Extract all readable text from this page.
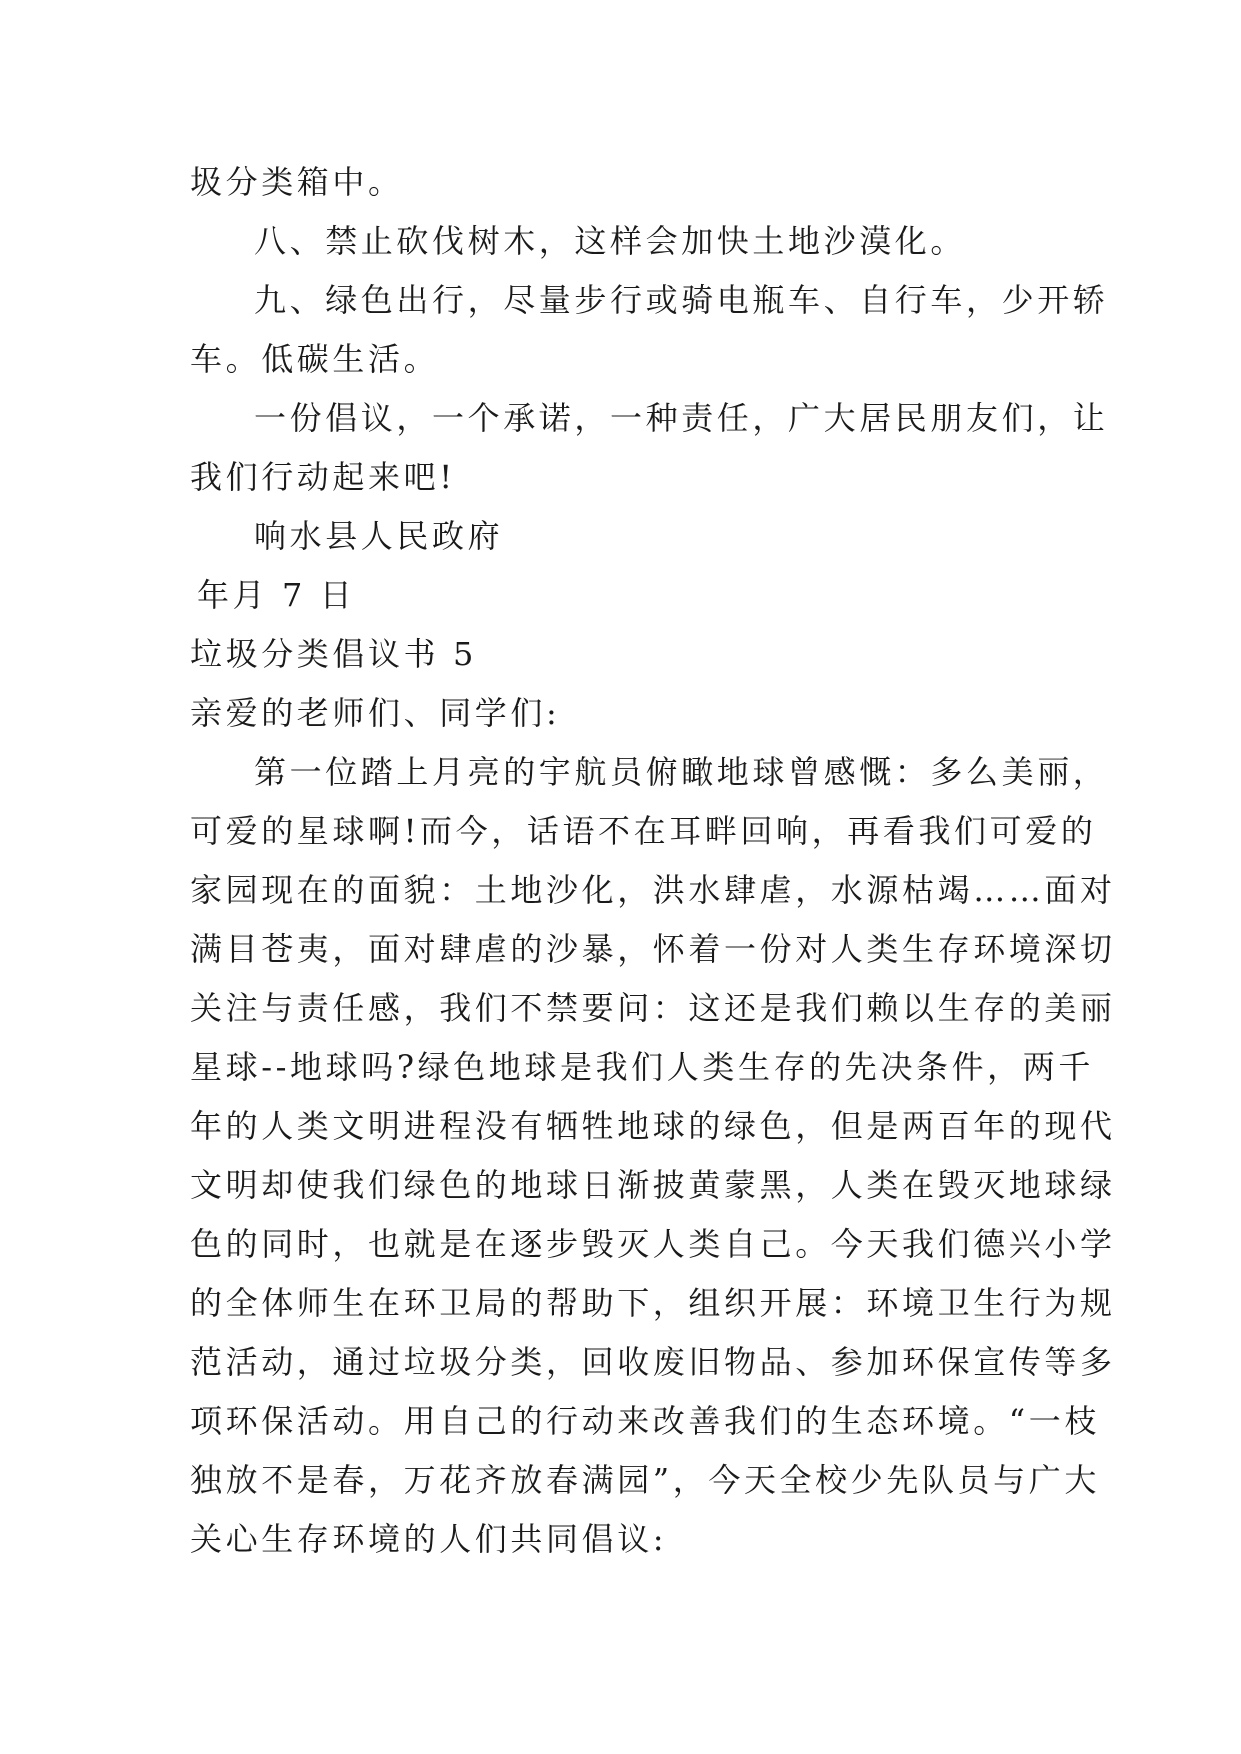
圾分类箱中。

八、禁止砍伐树木，这样会加快土地沙漠化。

九、绿色出行，尽量步行或骑电瓶车、自行车，少开轿

车。低碳生活。

一份倡议，一个承诺，一种责任，广大居民朋友们，让

我们行动起来吧!

响水县人民政府

年月 7 日

垃圾分类倡议书 5

亲爱的老师们、同学们:

第一位踏上月亮的宇航员俯瞰地球曾感慨：多么美丽，

可爱的星球啊!而今，话语不在耳畔回响，再看我们可爱的

家园现在的面貌：土地沙化，洪水肆虐，水源枯竭……面对

满目苍夷，面对肆虐的沙暴，怀着一份对人类生存环境深切

关注与责任感，我们不禁要问：这还是我们赖以生存的美丽

星球--地球吗?绿色地球是我们人类生存的先决条件，两千

年的人类文明进程没有牺牲地球的绿色，但是两百年的现代

文明却使我们绿色的地球日渐披黄蒙黑，人类在毁灭地球绿

色的同时，也就是在逐步毁灭人类自己。今天我们德兴小学

的全体师生在环卫局的帮助下，组织开展：环境卫生行为规

范活动，通过垃圾分类，回收废旧物品、参加环保宣传等多

项环保活动。用自己的行动来改善我们的生态环境。“一枝

独放不是春，万花齐放春满园”，今天全校少先队员与广大

关心生存环境的人们共同倡议:
